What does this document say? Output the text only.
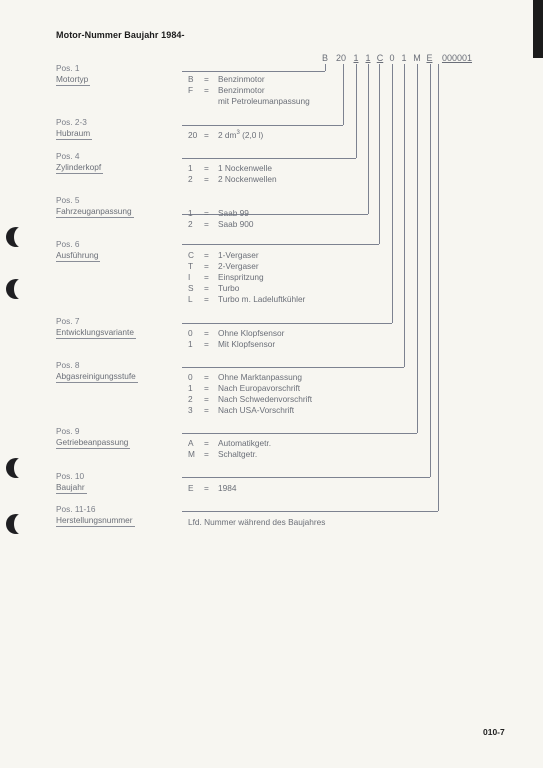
Motor-Nummer Baujahr 1984-
B 20 1 1 C 0 1 M E	000001
Pos. 1
Motortyp	B = Benzinmotor
F = Benzinmotor
mit Petroleumanpassung
Pos. 2-3
Hubraum	20 = 2 $dm^3$ (2,0 l)
Pos. 4
Zylinderkopf	1 = 1 Nockenwelle
2 = 2 Nockenwellen
Pos. 5
Fahrzeuganpassung	1 = Saab 99
2 = Saab 900
Pos. 6
Ausführung	C = 1-Vergaser
T = 2-Vergaser
I = Einspritzung
S = Turbo
L = Turbo m. Ladeluftkühler
Pos. 7
Entwicklungsvariante	0 = Ohne Klopfsensor
1 = Mit Klopfsensor
Pos. 8
Abgasreinigungsstufe	0 = Ohne Marktanpassung
1 = Nach Europavorschrift
2 = Nach Schwedenvorschrift
3 = Nach USA-Vorschrift
Pos. 9
Getriebeanpassung	A = Automatikgetr.
M = Schaltgetr.
Pos. 10
Baujahr	E = 1984
Pos. 11-16
Herstellungsnummer	Lfd. Nummer während des Baujahres
010-7
